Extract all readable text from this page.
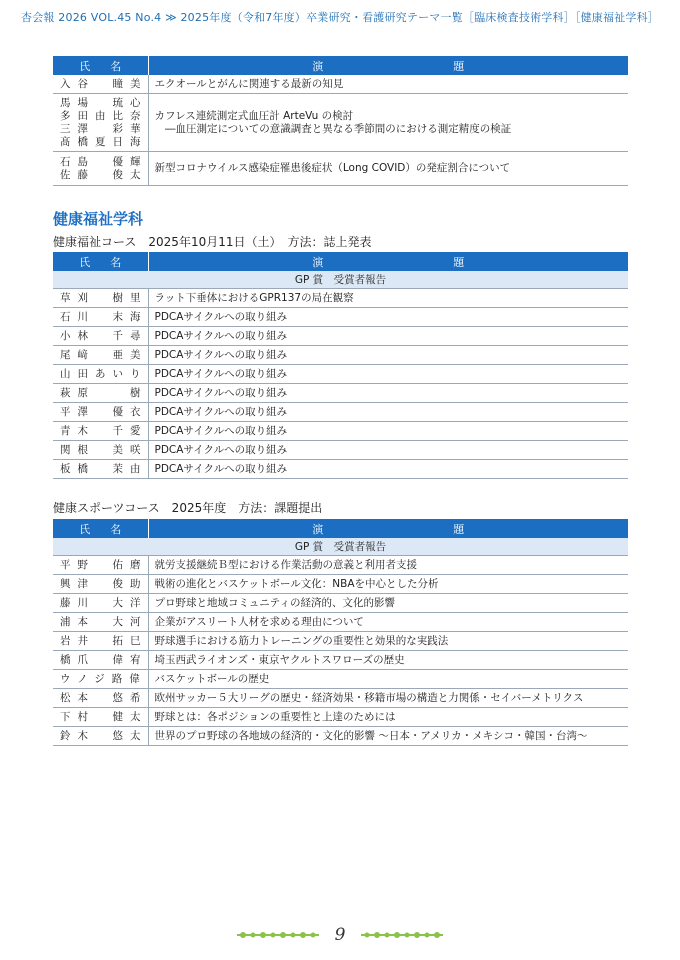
杏会報 2026 VOL.45 No.4 ≫ 2025年度（令和7年度）卒業研究・看護研究テーマ一覧［臨床検査技術学科］［健康福祉学科］
氏名	演題
入谷　瞳美	エクオールとがんに関連する最新の知見
馬場　琉心
多田由比奈
三澤　彩華
髙橋夏日海	カフレス連続測定式血圧計 ArteVu の検討
　―血圧測定についての意識調査と異なる季節間のにおける測定精度の検証
石島　優輝
佐藤　俊太	新型コロナウイルス感染症罹患後症状（Long COVID）の発症割合について
健康福祉学科
健康福祉コース　2025年10月11日（土）　方法：誌上発表
氏名	演題
GP 賞　受賞者報告	
草刈　樹里	ラット下垂体におけるGPR137の局在観察
石川　末海	PDCAサイクルへの取り組み
小林　千尋	PDCAサイクルへの取り組み
尾﨑　亜美	PDCAサイクルへの取り組み
山田あいり	PDCAサイクルへの取り組み
萩原　　樹	PDCAサイクルへの取り組み
平澤　優衣	PDCAサイクルへの取り組み
青木　千愛	PDCAサイクルへの取り組み
関根　美咲	PDCAサイクルへの取り組み
板橋　茉由	PDCAサイクルへの取り組み
健康スポーツコース　2025年度　方法：課題提出
氏名	演題
GP 賞　受賞者報告	
平野　佑磨	就労支援継続Ｂ型における作業活動の意義と利用者支援
興津　俊助	戦術の進化とバスケットボール文化：NBAを中心とした分析
藤川　大洋	プロ野球と地域コミュニティの経済的、文化的影響
浦本　大河	企業がアスリート人材を求める理由について
岩井　拓巳	野球選手における筋力トレーニングの重要性と効果的な実践法
橋爪　偉宥	埼玉西武ライオンズ・東京ヤクルトスワローズの歴史
ウノジ路偉	バスケットボールの歴史
松本　悠希	欧州サッカー５大リーグの歴史・経済効果・移籍市場の構造と力関係・セイバーメトリクス
下村　健太	野球とは：各ポジションの重要性と上達のためには
鈴木　悠太	世界のプロ野球の各地域の経済的・文化的影響 ～日本・アメリカ・メキシコ・韓国・台湾～
9
